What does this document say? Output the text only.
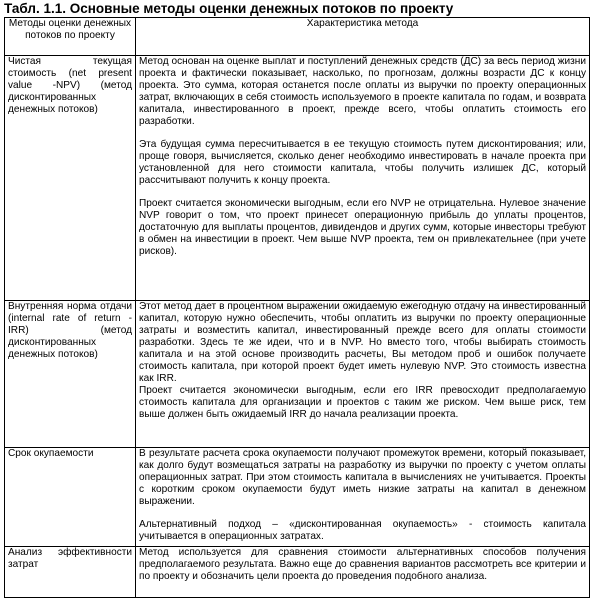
Табл. 1.1. Основные методы оценки денежных потоков по проекту
Методы оценки денежных потоков по проекту	Характеристика метода
Чистая текущая стоимость (net present value -NPV) (метод дисконтированных денежных потоков)	Метод основан на оценке выплат и поступлений денежных средств (ДС) за весь период жизни проекта и фактически показывает, насколько, по прогнозам, должны возрасти ДС к концу проекта. Это сумма, которая останется после оплаты из выручки по проекту операционных затрат, включающих в себя стоимость используемого в проекте капитала по годам, и возврата капитала, инвестированного в проект, прежде всего, чтобы оплатить стоимость его разработки.

Эта будущая сумма пересчитывается в ее текущую стоимость путем дисконтирования; или, проще говоря, вычисляется, сколько денег необходимо инвестировать в начале проекта при установленной для него стоимости капитала, чтобы получить излишек ДС, который рассчитывают получить к концу проекта.

Проект считается экономически выгодным, если его NVP не отрицательна. Нулевое значение NVP говорит о том, что проект принесет операционную прибыль до уплаты процентов, достаточную для выплаты процентов, дивидендов и других сумм, которые инвесторы требуют в обмен на инвестиции в проект. Чем выше NVP проекта, тем он привлекательнее (при учете рисков).

Внутренняя норма отдачи (internal rate of return - IRR) (метод дисконтированных денежных потоков)	Этот метод дает в процентном выражении ожидаемую ежегодную отдачу на инвестированный капитал, которую нужно обеспечить, чтобы оплатить из выручки по проекту операционные затраты и возместить капитал, инвестированный прежде всего для оплаты стоимости разработки. Здесь те же идеи, что и в NVP. Но вместо того, чтобы выбирать стоимость капитала и на этой основе производить расчеты, Вы методом проб и ошибок получаете стоимость капитала, при которой проект будет иметь нулевую NVP. Это стоимость известна как IRR.

Проект считается экономически выгодным, если его IRR превосходит предполагаемую стоимость капитала для организации и проектов с таким же риском. Чем выше риск, тем выше должен быть ожидаемый IRR до начала реализации проекта.

Срок окупаемости	В результате расчета срока окупаемости получают промежуток времени, который показывает, как долго будут возмещаться затраты на разработку из выручки по проекту с учетом оплаты операционных затрат. При этом стоимость капитала в вычислениях не учитывается. Проекты с коротким сроком окупаемости будут иметь низкие затраты на капитал в денежном выражении.

Альтернативный подход – «дисконтированная окупаемость» - стоимость капитала учитывается в операционных затратах.

Анализ эффективности затрат	Метод используется для сравнения стоимости альтернативных способов получения предполагаемого результата. Важно еще до сравнения вариантов рассмотреть все критерии и по проекту и обозначить цели проекта до проведения подобного анализа.
